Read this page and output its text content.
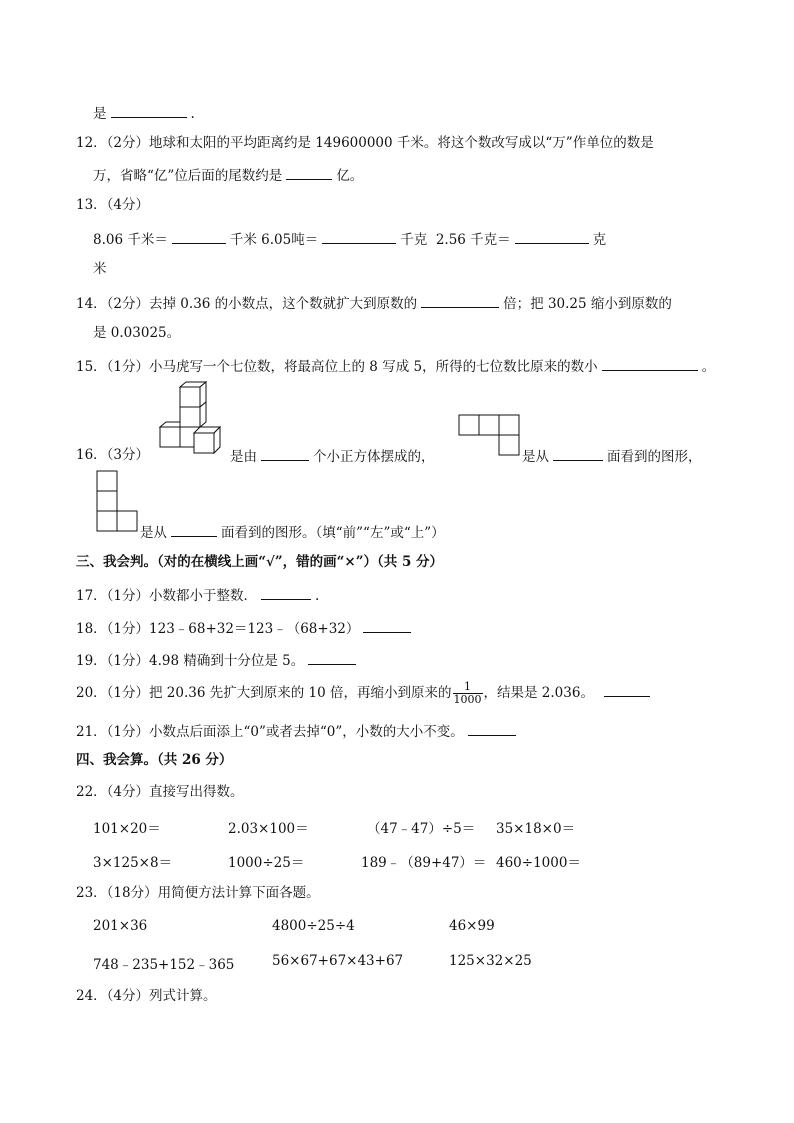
是	.
12．（2分）地球和太阳的平均距离约是 149600000 千米。将这个数改写成以“万”作单位的数是
万，省略“亿”位后面的尾数约是	亿。
13．（4分）
8.06 千米＝	千米 6.05吨＝	千克 2.56 千克＝	克
米
14．（2分）去掉 0.36 的小数点，这个数就扩大到原数的	倍；把 30.25 缩小到原数的
是 0.03025。
15．（1分）小马虎写一个七位数，将最高位上的 8 写成 5，所得的七位数比原来的数小	。
16．（3分）	是由	个小正方体摆成的，	是从	面看到的图形，
是从	面看到的图形。（填“前”“左”或“上”）
三、我会判。（对的在横线上画“√”，错的画“×”）（共 5 分）
17．（1分）小数都小于整数．	.
18．（1分）123﹣68+32＝123﹣（68+32）
19．（1分）4.98 精确到十分位是 5。
20．（1分）把 20.36 先扩大到原来的 10 倍，再缩小到原来的 $\frac{1}{1000}$ ，结果是 2.036。
21．（1分）小数点后面添上“0”或者去掉“0”，小数的大小不变。
四、我会算。（共 26 分）
22．（4分）直接写出得数。
101×20＝	2.03×100＝	（47﹣47）÷5＝ 35×18×0＝
3×125×8＝	1000÷25＝	189﹣（89+47）＝ 460÷1000＝
23．（18分）用简便方法计算下面各题。
201×36	4800÷25÷4	46×99
748﹣235+152﹣365	56×67+67×43+67	125×32×25
24．（4分）列式计算。
